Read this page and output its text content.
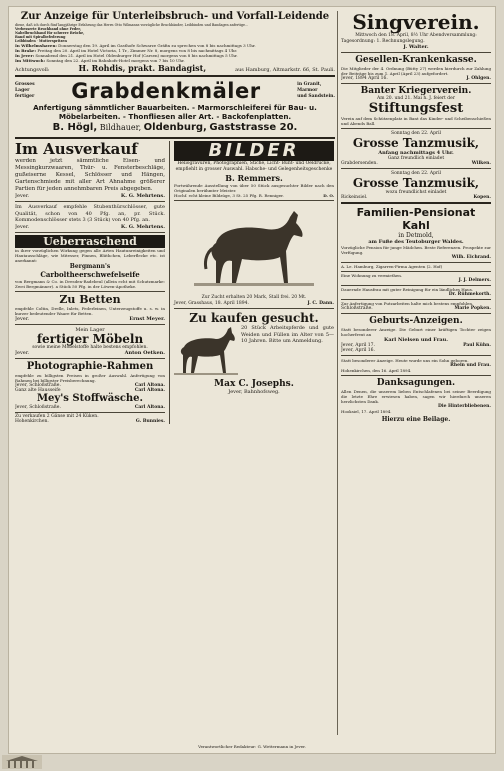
Zur Anzeige für Unterleibsbruch- und Vorfall-Leidende

diene, daß ich durch fünf langjährige Erfahrung das Herrn Otto Wilmanns vorzügliche Bruchbänder, Leibbinden und Bandagen anfertige...

Verbesserte Bruchband ohne Feder,

Nabelbruchband für schwere Brüche,

Band mit Spiralbefederung

Leibbinden · Mutterspritzen

In Wilhelmshaven: Donnerstag den 19. April im Gasthofe Schwarze Gräfin zu sprechen von 8 bis nachmittags 3 Uhr.

In Brake: Freitag den 20. April im Hotel Victoria, 1 Tr., Zimmer Nr. 8, morgens von 8 bis nachmittags 4 Uhr.

In Jever: Sonnabend den 21. April im Hotel Oldenburger Hof (Carsen) morgens von 8 bis nachmittags 5 Uhr.

Im Mittwoch: Sonntag den 22. April im Bahnhofs-Hotel morgens von 7 bis 10 Uhr.

Achtungsvoll:	H. Rohdis, prakt. Bandagist,	aus Hamburg, Altmarkstr. 66, St. Pauli.
Grosses
Lager
fertiger Grabdenkmäler	in Granit,
Marmor
und Sandstein.
Anfertigung sämmtlicher Bauarbeiten. - Marmorschleiferei für Bau- u. Möbelarbeiten. - Thonfliesen aller Art. - Backofenplatten.
B. Högl, Bildhauer, Oldenburg, Gaststrasse 20.
Im Ausverkauf

werden jetzt sämmtliche Eisen- und Messingkurzwaaren, Thür- u. Fensterbeschläge, gußeiserne Kessel, Schlösser und Hängen, Gartenschmiede mit aller Art Ahnahme größerer Partien für jeden annehmbaren Preis abgegeben.

Jever.	K. G. Mehrtens.

Im Ausverkauf empfehle Stubenthürschlösser, gute Qualität, schon von 40 Pfg. an, pr. Stück. Kommodenschlösser stets 3 (3 Stück) von 40 Pfg. an.

Jever.	K. G. Mehrtens.
Ueberraschend

in ihrer vorzüglichen Wirkung gegen alle Arten Hautunreinigkeiten und Hautausschläge, wie Mitesser, Finnen, Blüthchen, Leberflecke etc. ist anerkannt:

Bergmann's
Carbolthеerschwefelseife

von Bergmann & Co. in Dresden-Radebeul (allein echt mit Schutzmarke: Zwei Bergmänner). a Stück 50 Pfg. in der Löwen-Apotheke.

Zu Betten

empfehle Coltin, Drelle, Inlets, Federleinen, Unterzeugstoffe u. s. w. in kurzer bedeutender Waare für Betten.

Jever.	Ernst Meyer.
Mein Lager
fertiger Möbeln

sowie meine Möbelstoffe halte bestens empfohlen.

Jever.	Anton Oetken.
Photographie-Rahmen

empfehle zu billigsten Preisen in großer Auswahl. Anfertigung von Rahmen bei billigster Preisberechnung.

Jever, Schloßstraße.	Carl Altona.
Ganz alte Hausseife	Carl Altona.
Mey's Stoffwäsche.
Jever, Schloßstraße.	Carl Altona.

Zu verkaufen 2 Gänse mit 24 Küken.

Hohenkirchen.	G. Bunnies.
BILDER

Heliogravüren, Photographien, Stiche, Licht- Bunt- und Oeldrucke, empfiehlt in grosser Auswahl. Habsche- und Gelegenheitsgeschenke

B. Remmers.

Fortwährende Ausstellung von über 50 Stück ausgesuchter Bilder nach den Originalen berühmter Meister.

Hochf. echt kleine Bildzüge, 3 St. 25 Pfg. R. Renniger.	D. O.

Zur Zucht erhalten 20 Mark, Stall frei. 20 Mt.

Jever, Grasshaus, 18. April 1894.	J. C. Dann.
Zu kaufen gesucht.

20 Stück Arbeitspferde und gute Weiden und Füllen im Alter von 5—10 Jahren. Bitte um Anmeldung.

Max C. Josephs.
Jever, Bahnhofsweg.
Singverein.

Mittwoch den 18. April, 8½ Uhr Abendversammlung:

Tagesordnung: 1. Rechnungslegung.

J. Walter.
Gesellen-Krankenkasse.

Die Mitglieder der 4. Ordnung (Bütty 27) werden hierdurch zur Zahlung der Beiträge bis zum 1. April (April 23) aufgefordert.

Jever, 1894 April 16.	J. Ohlgen.
Banter Kriegerverein.

Am 20. und 21. Mai h. J. feiert der

Stiftungsfest

Verein auf dem Schützenplatz in Bant das Kinder- und Scheibenschießen und Abends Ball.

Sonntag den 22. April
Grosse Tanzmusik,
Anfang nachmittags 4 Uhr.
Ganz freundlich einladet
Grabdersenden.	Wilken.
Sonntag den 22. April
Grosse Tanzmusik,
wozu freundlichst einladet
Rickeinsiel.	Kopen.
Familien-Pensionat Kahl
in Detmold,
am Fuße des Teutoburger Waldes.

Vorzügliche Pension für junge Mädchen. Beste Referenzen. Prospekte zur Verfügung.

Wilh. Eichrand.

A. Le. Hamburg, Zigarren-Firma Agenten (2. Hof)

Eine Wohnung zu vermiethen.

J. J. Delmers.

Dauernde Hausfrau mit guter Reinigung für ein ländliches Haus.

Dr. Rühmekorth.

Zur Anfertigung von Putzarbeiten halte mich bestens empfohlen.

Schloßstraße.	Marie Popken.
Geburts-Anzeigen.

Statt besonderer Anzeige. Die Geburt einer kräftigen Tochter zeigen hocherfreut an

Karl Nielsen und Frau.
Jever, April 17.	Paul Kühn.
Jever, April 16.

Statt besonderer Anzeige. Heute wurde uns ein Sohn geboren.

Rhein und Frau.
Hohenkirchen, den 16. April 1894.
Danksagungen.

Allen Denen, die unserem lieben Entschlafenen bei seiner Beerdigung die letzte Ehre erwiesen haben, sagen wir hierdurch unseren herzlichsten Dank.

Die Hinterbliebenen.
Hooksiel, 17. April 1894.
Hierzu eine Beilage.
Verantwortlicher Redakteur: G. Wettermann in Jever.
